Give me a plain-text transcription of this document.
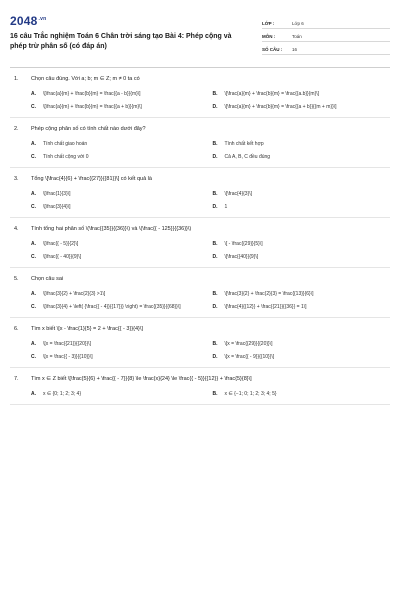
$2048^{.vn}$
16 câu Trắc nghiệm Toán 6 Chân trời sáng tạo Bài 4: Phép cộng và phép trừ phân số (có đáp án)
LỚP :	Lớp 6
MÔN :	Toán
SỐ CÂU :	16
1.	Chọn câu đúng. Với a; b; m ∈ Z; m ≠ 0 ta có
A.	\[\frac{a}{m} + \frac{b}{m} = \frac{{a - b}}{m}\]	B.	\[\frac{a}{m} + \frac{b}{m} = \frac{{a.b}}{m}\]
C.	\[\frac{a}{m} + \frac{b}{m} = \frac{{a + b}}{m}\]	D.	\[\frac{a}{m} + \frac{b}{m} = \frac{{a + b}}{{m + m}}\]
2.	Phép cộng phân số có tính chất nào dưới đây?
A.	Tính chất giao hoán	B.	Tính chất kết hợp
C.	Tính chất cộng với 0	D.	Cả A, B, C đều đúng
3.	Tổng \[\frac{4}{6} + \frac{{27}}{{81}}\] có kết quả là
A.	\[\frac{1}{3}\]	B.	\[\frac{4}{3}\]
C.	\[\frac{3}{4}\]	D.	1
4.	Tính tổng hai phân số \(\frac{{35}}{{36}}\) và \(\frac{{ - 125}}{{36}}\)
A.	\[\frac{{ - 5}}{2}\]	B.	\[ - \frac{{29}}{5}\]
C.	\[\frac{{ - 40}}{9}\]	D.	\[\frac{{40}}{9}\]
5.	Chọn câu sai
A.	\[\frac{3}{2} + \frac{2}{3} >1\]	B.	\[\frac{3}{2} + \frac{2}{3} = \frac{{13}}{6}\]
C.	\[\frac{3}{4} + \left( {\frac{{ - 4}}{{17}}} \right) = \frac{{35}}{{68}}\]	D.	\[\frac{4}{{12}} + \frac{{21}}{{36}} = 1\]
6.	Tìm x biết \[x - \frac{1}{5} = 2 + \frac{{ - 3}}{4}\]
A.	\[x = \frac{{21}}{{20}}\]	B.	\[x = \frac{{29}}{{20}}\]
C.	\[x = \frac{{ - 3}}{{10}}\]	D.	\[x = \frac{{ - 9}}{{10}}\]
7.	Tìm x ∈ Z biết \[\frac{5}{6} + \frac{{ - 7}}{8} \le \frac{x}{24} \le \frac{{ - 5}}{{12}} + \frac{5}{8}\]
A.	x ∈ {0; 1; 2; 3; 4}	B.	x ∈ {−1; 0; 1; 2; 3; 4; 5}
